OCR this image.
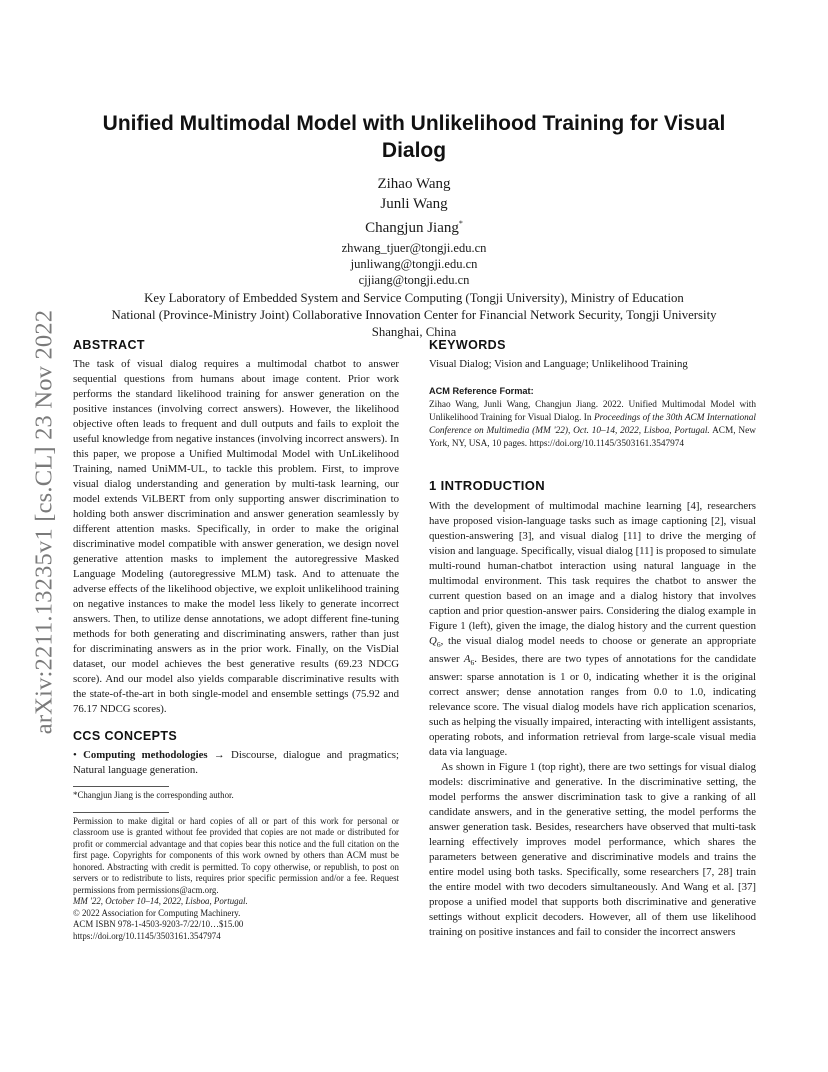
arXiv:2211.13235v1 [cs.CL] 23 Nov 2022
Unified Multimodal Model with Unlikelihood Training for Visual Dialog
Zihao Wang
Junli Wang
Changjun Jiang*
zhwang_tjuer@tongji.edu.cn
junliwang@tongji.edu.cn
cjjiang@tongji.edu.cn
Key Laboratory of Embedded System and Service Computing (Tongji University), Ministry of Education
National (Province-Ministry Joint) Collaborative Innovation Center for Financial Network Security, Tongji University
Shanghai, China
ABSTRACT

The task of visual dialog requires a multimodal chatbot to answer sequential questions from humans about image content. Prior work performs the standard likelihood training for answer generation on the positive instances (involving correct answers). However, the likelihood objective often leads to frequent and dull outputs and fails to exploit the useful knowledge from negative instances (involving incorrect answers). In this paper, we propose a Unified Multimodal Model with UnLikelihood Training, named UniMM-UL, to tackle this problem. First, to improve visual dialog understanding and generation by multi-task learning, our model extends ViLBERT from only supporting answer discrimination to holding both answer discrimination and answer generation seamlessly by different attention masks. Specifically, in order to make the original discriminative model compatible with answer generation, we design novel generative attention masks to implement the autoregressive Masked Language Modeling (autoregressive MLM) task. And to attenuate the adverse effects of the likelihood objective, we exploit unlikelihood training on negative instances to make the model less likely to generate incorrect answers. Then, to utilize dense annotations, we adopt different fine-tuning methods for both generating and discriminating answers, rather than just for discriminating answers as in the prior work. Finally, on the VisDial dataset, our model achieves the best generative results (69.23 NDCG score). And our model also yields comparable discriminative results with the state-of-the-art in both single-model and ensemble settings (75.92 and 76.17 NDCG scores).

CCS CONCEPTS

• Computing methodologies → Discourse, dialogue and pragmatics; Natural language generation.

*Changjun Jiang is the corresponding author.

Permission to make digital or hard copies of all or part of this work for personal or classroom use is granted without fee provided that copies are not made or distributed for profit or commercial advantage and that copies bear this notice and the full citation on the first page. Copyrights for components of this work owned by others than ACM must be honored. Abstracting with credit is permitted. To copy otherwise, or republish, to post on servers or to redistribute to lists, requires prior specific permission and/or a fee. Request permissions from permissions@acm.org.

MM '22, October 10–14, 2022, Lisboa, Portugal.

© 2022 Association for Computing Machinery.

ACM ISBN 978-1-4503-9203-7/22/10…$15.00

https://doi.org/10.1145/3503161.3547974

KEYWORDS

Visual Dialog; Vision and Language; Unlikelihood Training

ACM Reference Format:

Zihao Wang, Junli Wang, Changjun Jiang. 2022. Unified Multimodal Model with Unlikelihood Training for Visual Dialog. In Proceedings of the 30th ACM International Conference on Multimedia (MM '22), Oct. 10–14, 2022, Lisboa, Portugal. ACM, New York, NY, USA, 10 pages. https://doi.org/10.1145/3503161.3547974

1 INTRODUCTION

With the development of multimodal machine learning [4], researchers have proposed vision-language tasks such as image captioning [2], visual question-answering [3], and visual dialog [11] to drive the merging of vision and language. Specifically, visual dialog [11] is proposed to simulate multi-round human-chatbot interaction using natural language in the multimodal environment. This task requires the chatbot to answer the current question based on an image and a dialog history that involves caption and prior question-answer pairs. Considering the dialog example in Figure 1 (left), given the image, the dialog history and the current question $Q_6$, the visual dialog model needs to choose or generate an appropriate answer $A_6$. Besides, there are two types of annotations for the candidate answer: sparse annotation is 1 or 0, indicating whether it is the original correct answer; dense annotation ranges from 0.0 to 1.0, indicating relevance score. The visual dialog models have rich application scenarios, such as helping the visually impaired, interacting with intelligent assistants, operating robots, and information retrieval from large-scale visual media data via language.

As shown in Figure 1 (top right), there are two settings for visual dialog models: discriminative and generative. In the discriminative setting, the model performs the answer discrimination task to give a ranking of all candidate answers, and in the generative setting, the model performs the answer generation task. Besides, researchers have observed that multi-task learning effectively improves model performance, which shares the parameters between generative and discriminative models and trains the entire model using both tasks. Specifically, some researchers [7, 28] train the entire model with two decoders simultaneously. And Wang et al. [37] propose a unified model that supports both discriminative and generative settings without explicit decoders. However, all of them use likelihood training on positive instances and fail to consider the incorrect answers
